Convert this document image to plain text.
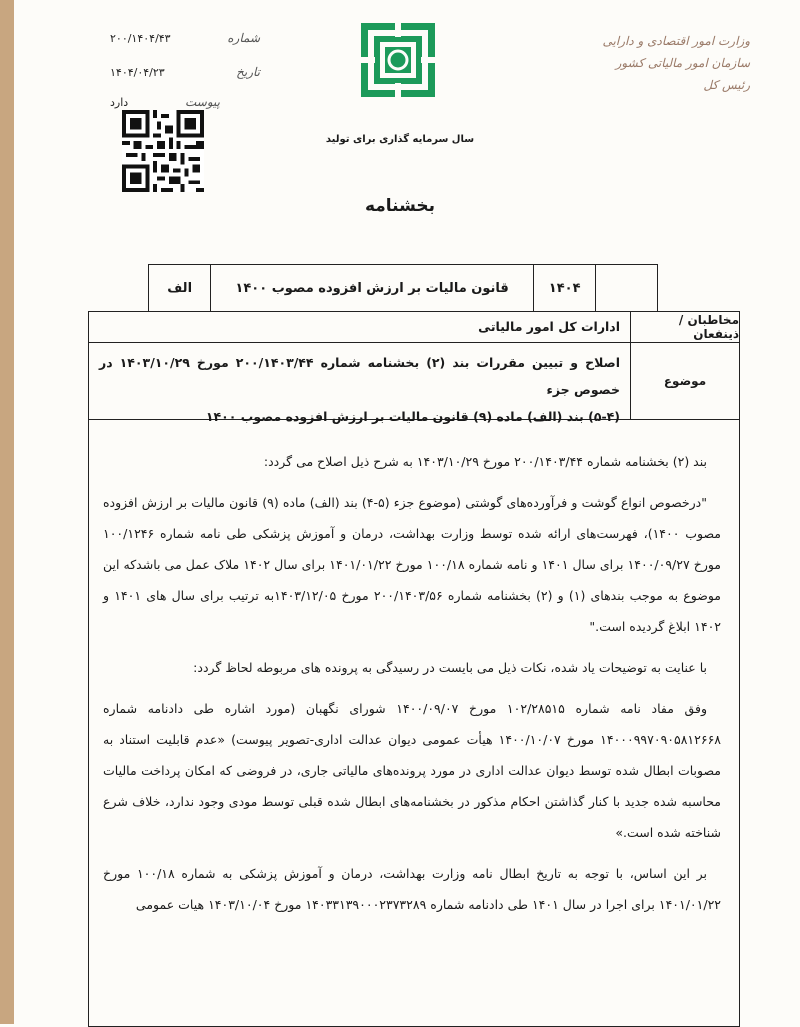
شماره
۲۰۰/۱۴۰۴/۴۳
تاریخ
۱۴۰۴/۰۴/۲۳
پیوست
دارد
سال سرمایه گذاری برای تولید
وزارت امور اقتصادی و دارایی
سازمان امور مالیاتی کشور
رئیس کل
بخشنامه
	۱۴۰۴	قانون مالیات بر ارزش افزوده مصوب ۱۴۰۰	الف
مخاطبان / ذینفعان
ادارات کل امور مالیاتی
موضوع
اصلاح و تبیین مقررات بند (۲) بخشنامه شماره ۲۰۰/۱۴۰۳/۴۴ مورخ ۱۴۰۳/۱۰/۲۹ در خصوص جزء
(۵-۴) بند (الف) ماده (۹) قانون مالیات بر ارزش افزوده مصوب ۱۴۰۰

بند (۲) بخشنامه شماره ۲۰۰/۱۴۰۳/۴۴ مورخ ۱۴۰۳/۱۰/۲۹ به شرح ذیل اصلاح می گردد:

"درخصوص انواع گوشت و فرآورده‌های گوشتی (موضوع جزء (۵-۴) بند (الف) ماده (۹) قانون مالیات بر ارزش افزوده مصوب ۱۴۰۰)، فهرست‌های ارائه شده توسط وزارت بهداشت، درمان و آموزش پزشکی طی نامه شماره ۱۰۰/۱۲۴۶ مورخ ۱۴۰۰/۰۹/۲۷ برای سال ۱۴۰۱ و نامه شماره ۱۰۰/۱۸ مورخ ۱۴۰۱/۰۱/۲۲ برای سال ۱۴۰۲ ملاک عمل می باشدکه این موضوع به موجب بندهای (۱) و (۲) بخشنامه شماره ۲۰۰/۱۴۰۳/۵۶ مورخ ۱۴۰۳/۱۲/۰۵به ترتیب برای سال های ۱۴۰۱ و ۱۴۰۲ ابلاغ گردیده است."

با عنایت به توضیحات یاد شده، نکات ذیل می بایست در رسیدگی به پرونده های مربوطه لحاظ گردد:

وفق مفاد نامه شماره ۱۰۲/۲۸۵۱۵ مورخ ۱۴۰۰/۰۹/۰۷ شورای نگهبان (مورد اشاره طی دادنامه شماره ۱۴۰۰۰۹۹۷۰۹۰۵۸۱۲۶۶۸ مورخ ۱۴۰۰/۱۰/۰۷ هیأت عمومی دیوان عدالت اداری-تصویر پیوست) «عدم قابلیت استناد به مصوبات ابطال شده توسط دیوان عدالت اداری در مورد پرونده‌های مالیاتی جاری، در فروضی که امکان پرداخت مالیات محاسبه شده جدید با کنار گذاشتن احکام مذکور در بخشنامه‌های ابطال شده قبلی توسط مودی وجود ندارد، خلاف شرع شناخته شده است.»

بر این اساس، با توجه به تاریخ ابطال نامه وزارت بهداشت، درمان و آموزش پزشکی به شماره ۱۰۰/۱۸ مورخ ۱۴۰۱/۰۱/۲۲ برای اجرا در سال ۱۴۰۱ طی دادنامه شماره ۱۴۰۳۳۱۳۹۰۰۰۲۳۷۳۲۸۹ مورخ ۱۴۰۳/۱۰/۰۴ هیات عمومی
